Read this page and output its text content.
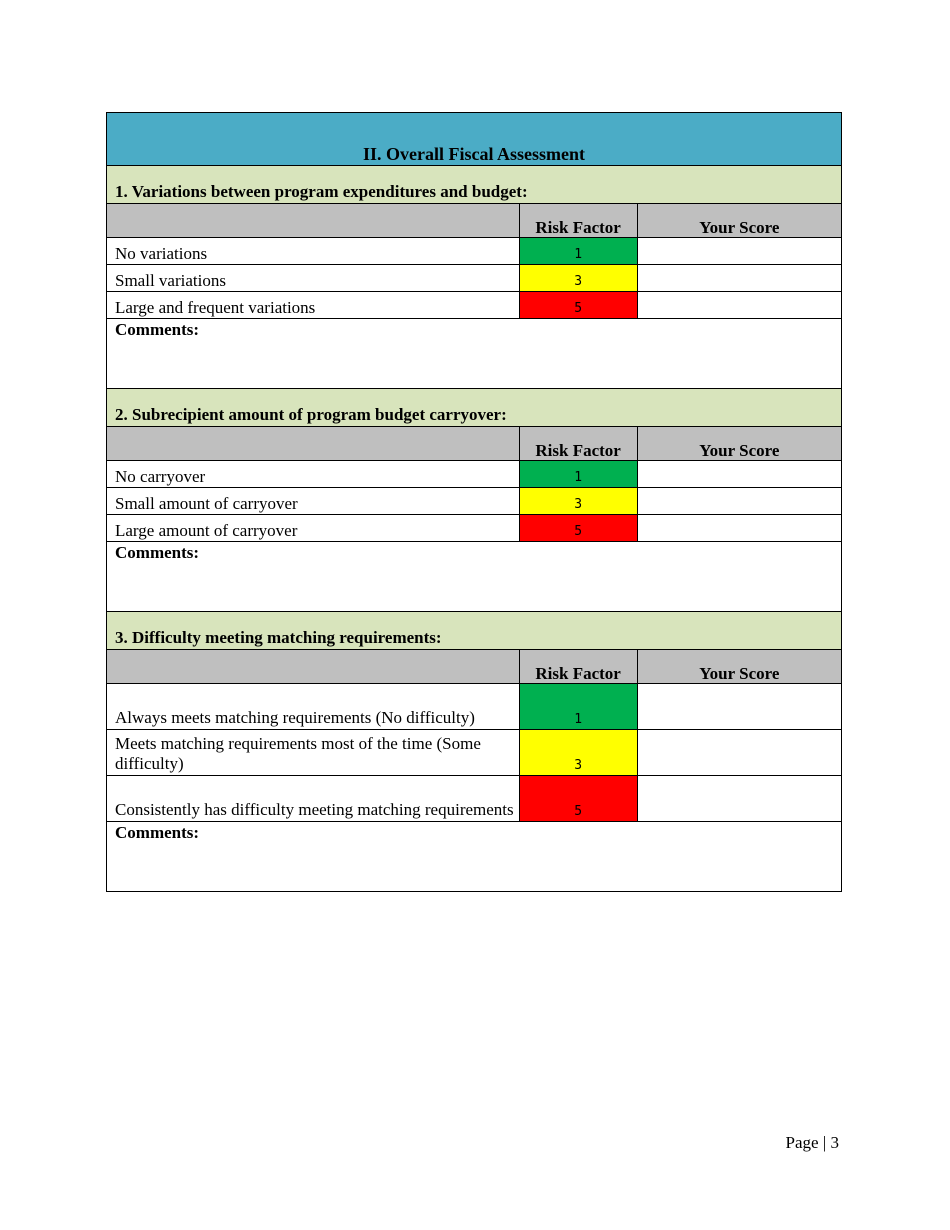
II. Overall Fiscal Assessment		
1. Variations between program expenditures and budget:		
	Risk Factor	Your Score
No variations	1	
Small variations	3	
Large and frequent variations	5	
Comments:		
2. Subrecipient amount of program budget carryover:		
	Risk Factor	Your Score
No carryover	1	
Small amount of carryover	3	
Large amount of carryover	5	
Comments:		
3. Difficulty meeting matching requirements:		
	Risk Factor	Your Score
Always meets matching requirements (No difficulty)	1	
Meets matching requirements most of the time (Some difficulty)	3	
Consistently has difficulty meeting matching requirements	5	
Comments:		
Page | 3
